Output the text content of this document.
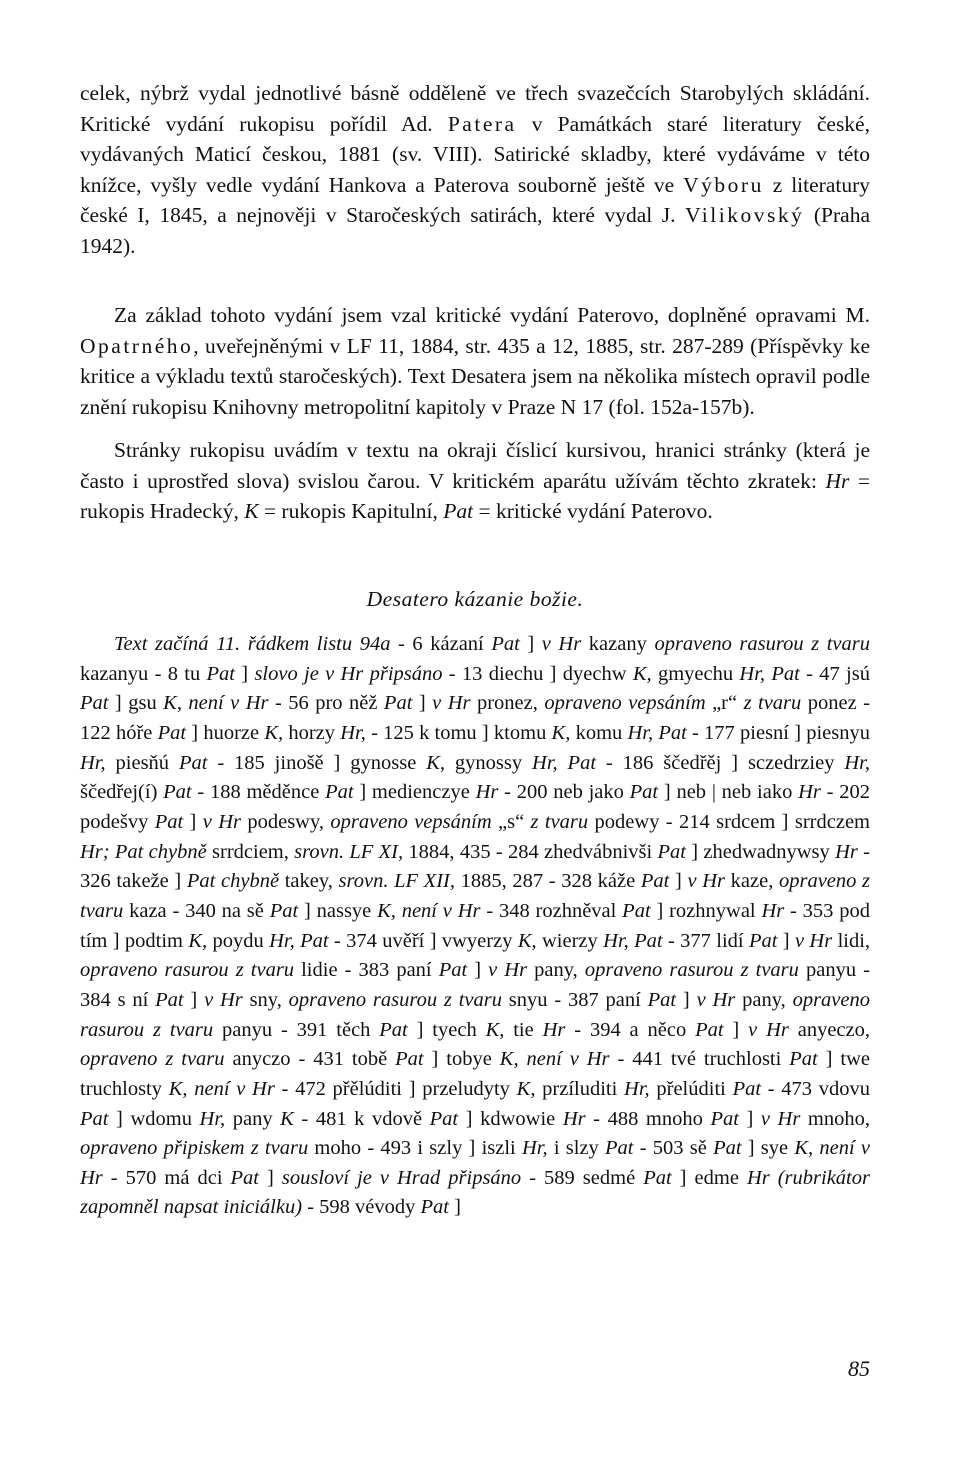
celek, nýbrž vydal jednotlivé básně odděleně ve třech svazečcích Starobylých skládání. Kritické vydání rukopisu pořídil Ad. Patera v Památkách staré literatury české, vydávaných Maticí českou, 1881 (sv. VIII). Satirické skladby, které vydáváme v této knížce, vyšly vedle vydání Hankova a Paterova souborně ještě ve Výboru z literatury české I, 1845, a nejnověji v Staročeských satirách, které vydal J. Vilikovský (Praha 1942).

Za základ tohoto vydání jsem vzal kritické vydání Paterovo, doplněné opravami M. Opatrného, uveřejněnými v LF 11, 1884, str. 435 a 12, 1885, str. 287-289 (Příspěvky ke kritice a výkladu textů staročeských). Text Desatera jsem na několika místech opravil podle znění rukopisu Knihovny metropolitní kapitoly v Praze N 17 (fol. 152a-157b).

Stránky rukopisu uvádím v textu na okraji číslicí kursivou, hranici stránky (která je často i uprostřed slova) svislou čarou. V kritickém aparátu užívám těchto zkratek: Hr = rukopis Hradecký, K = rukopis Kapitulní, Pat = kritické vydání Paterovo.

Desatero kázanie božie.

Text začíná 11. řádkem listu 94a - 6 kázaní Pat ] v Hr kazany opraveno rasurou z tvaru kazanyu - 8 tu Pat ] slovo je v Hr připsáno - 13 diechu ] dyechw K, gmyechu Hr, Pat - 47 jsú Pat ] gsu K, není v Hr - 56 pro něž Pat ] v Hr pronez, opraveno vepsáním „r“ z tvaru ponez - 122 hóře Pat ] huorze K, horzy Hr, - 125 k tomu ] ktomu K, komu Hr, Pat - 177 piesní ] piesnyu Hr, piesňú Pat - 185 jinošě ] gynosse K, gynossy Hr, Pat - 186 ščedřěj ] sczedrziey Hr, ščedřej(í) Pat - 188 měděnce Pat ] medienczye Hr - 200 neb jako Pat ] neb | neb iako Hr - 202 podešvy Pat ] v Hr podeswy, opraveno vepsáním „s“ z tvaru podewy - 214 srdcem ] srrdczem Hr; Pat chybně srrdciem, srovn. LF XI, 1884, 435 - 284 zhedvábnivši Pat ] zhedwadnywsy Hr - 326 takeže ] Pat chybně takey, srovn. LF XII, 1885, 287 - 328 káže Pat ] v Hr kaze, opraveno z tvaru kaza - 340 na sě Pat ] nassye K, není v Hr - 348 rozhněval Pat ] rozhnywal Hr - 353 pod tím ] podtim K, poydu Hr, Pat - 374 uvěří ] vwyerzy K, wierzy Hr, Pat - 377 lidí Pat ] v Hr lidi, opraveno rasurou z tvaru lidie - 383 paní Pat ] v Hr pany, opraveno rasurou z tvaru panyu - 384 s ní Pat ] v Hr sny, opraveno rasurou z tvaru snyu - 387 paní Pat ] v Hr pany, opraveno rasurou z tvaru panyu - 391 těch Pat ] tyech K, tie Hr - 394 a něco Pat ] v Hr anyeczo, opraveno z tvaru anyczo - 431 tobě Pat ] tobye K, není v Hr - 441 tvé truchlosti Pat ] twe truchlosty K, není v Hr - 472 přělúditi ] przeludyty K, przíluditi Hr, přelúditi Pat - 473 vdovu Pat ] wdomu Hr, pany K - 481 k vdově Pat ] kdwowie Hr - 488 mnoho Pat ] v Hr mnoho, opraveno připiskem z tvaru moho - 493 i szly ] iszli Hr, i slzy Pat - 503 sě Pat ] sye K, není v Hr - 570 má dci Pat ] sousloví je v Hrad připsáno - 589 sedmé Pat ] edme Hr (rubrikátor zapomněl napsat iniciálku) - 598 vévody Pat ]

85
